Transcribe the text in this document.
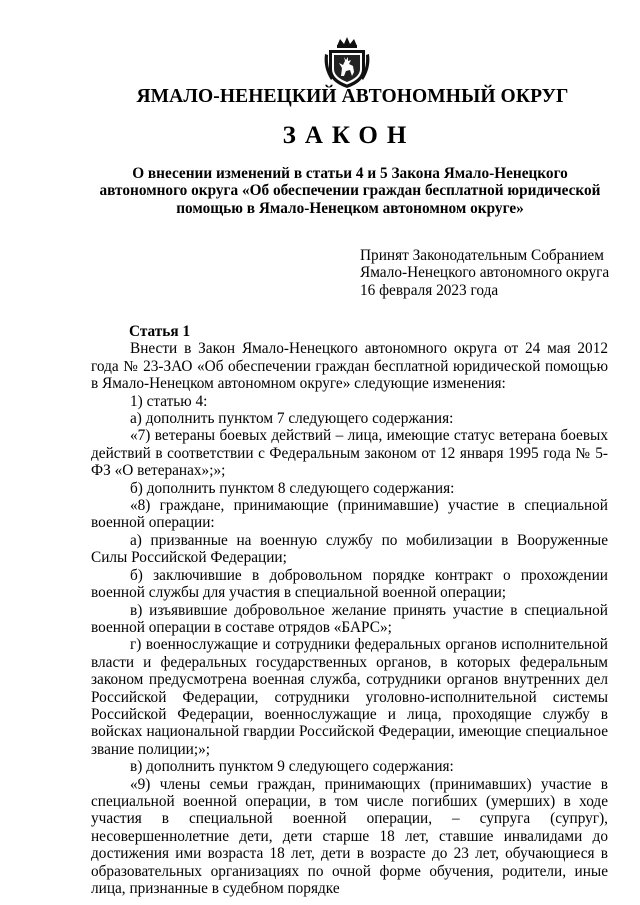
ЯМАЛО-НЕНЕЦКИЙ АВТОНОМНЫЙ ОКРУГ
ЗАКОН
О внесении изменений в статьи 4 и 5 Закона Ямало-Ненецкого автономного округа «Об обеспечении граждан бесплатной юридической помощью в Ямало-Ненецком автономном округе»
Принят Законодательным Собранием
Ямало-Ненецкого автономного округа
16 февраля 2023 года

Статья 1

Внести в Закон Ямало-Ненецкого автономного округа от 24 мая 2012 года № 23-ЗАО «Об обеспечении граждан бесплатной юридической помощью в Ямало-Ненецком автономном округе» следующие изменения:

1) статью 4:

а) дополнить пунктом 7 следующего содержания:

«7) ветераны боевых действий – лица, имеющие статус ветерана боевых действий в соответствии с Федеральным законом от 12 января 1995 года № 5-ФЗ «О ветеранах»;»;

б) дополнить пунктом 8 следующего содержания:

«8) граждане, принимающие (принимавшие) участие в специальной военной операции:

а) призванные на военную службу по мобилизации в Вооруженные Силы Российской Федерации;

б) заключившие в добровольном порядке контракт о прохождении военной службы для участия в специальной военной операции;

в) изъявившие добровольное желание принять участие в специальной военной операции в составе отрядов «БАРС»;

г) военнослужащие и сотрудники федеральных органов исполнительной власти и федеральных государственных органов, в которых федеральным законом предусмотрена военная служба, сотрудники органов внутренних дел Российской Федерации, сотрудники уголовно-исполнительной системы Российской Федерации, военнослужащие и лица, проходящие службу в войсках национальной гвардии Российской Федерации, имеющие специальное звание полиции;»;

в) дополнить пунктом 9 следующего содержания:

«9) члены семьи граждан, принимающих (принимавших) участие в специальной военной операции, в том числе погибших (умерших) в ходе участия в специальной военной операции, – супруга (супруг), несовершеннолетние дети, дети старше 18 лет, ставшие инвалидами до достижения ими возраста 18 лет, дети в возрасте до 23 лет, обучающиеся в образовательных организациях по очной форме обучения, родители, иные лица, признанные в судебном порядке
